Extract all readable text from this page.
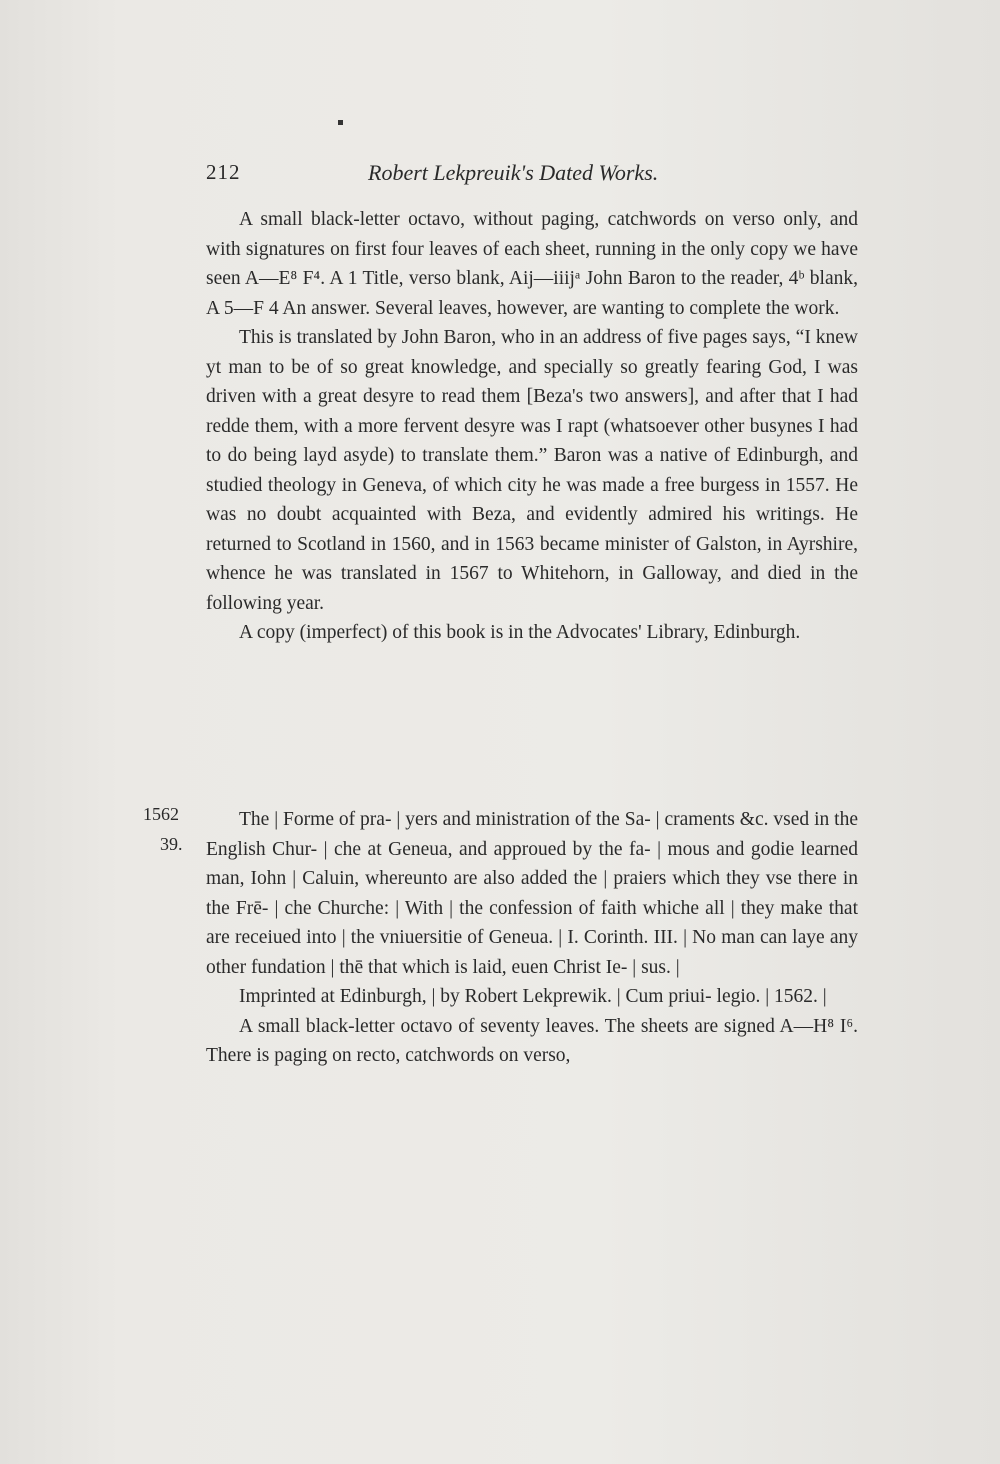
212	Robert Lekpreuik's Dated Works.

A small black-letter octavo, without paging, catchwords on verso only, and with signatures on first four leaves of each sheet, running in the only copy we have seen A—E⁸ F⁴. A 1 Title, verso blank, Aij—iiijᵃ John Baron to the reader, 4ᵇ blank, A 5—F 4 An answer. Several leaves, however, are wanting to complete the work.

This is translated by John Baron, who in an address of five pages says, “I knew yt man to be of so great knowledge, and specially so greatly fearing God, I was driven with a great desyre to read them [Beza's two answers], and after that I had redde them, with a more fervent desyre was I rapt (whatsoever other busynes I had to do being layd asyde) to translate them.” Baron was a native of Edinburgh, and studied theology in Geneva, of which city he was made a free burgess in 1557. He was no doubt acquainted with Beza, and evidently admired his writings. He returned to Scotland in 1560, and in 1563 became minister of Galston, in Ayrshire, whence he was translated in 1567 to Whitehorn, in Galloway, and died in the following year.

A copy (imperfect) of this book is in the Advocates' Library, Edinburgh.

1562
39.

The | Forme of pra- | yers and ministration of the Sa- | craments &c. vsed in the English Chur- | che at Geneua, and approued by the fa- | mous and godie learned man, Iohn | Caluin, whereunto are also added the | praiers which they vse there in the Frē- | che Churche: | With | the confession of faith whiche all | they make that are receiued into | the vniuersitie of Geneua. | I. Corinth. III. | No man can laye any other fundation | thē that which is laid, euen Christ Ie- | sus. |

Imprinted at Edinburgh, | by Robert Lekprewik. | Cum priui- legio. | 1562. |

A small black-letter octavo of seventy leaves. The sheets are signed A—H⁸ I⁶. There is paging on recto, catchwords on verso,
